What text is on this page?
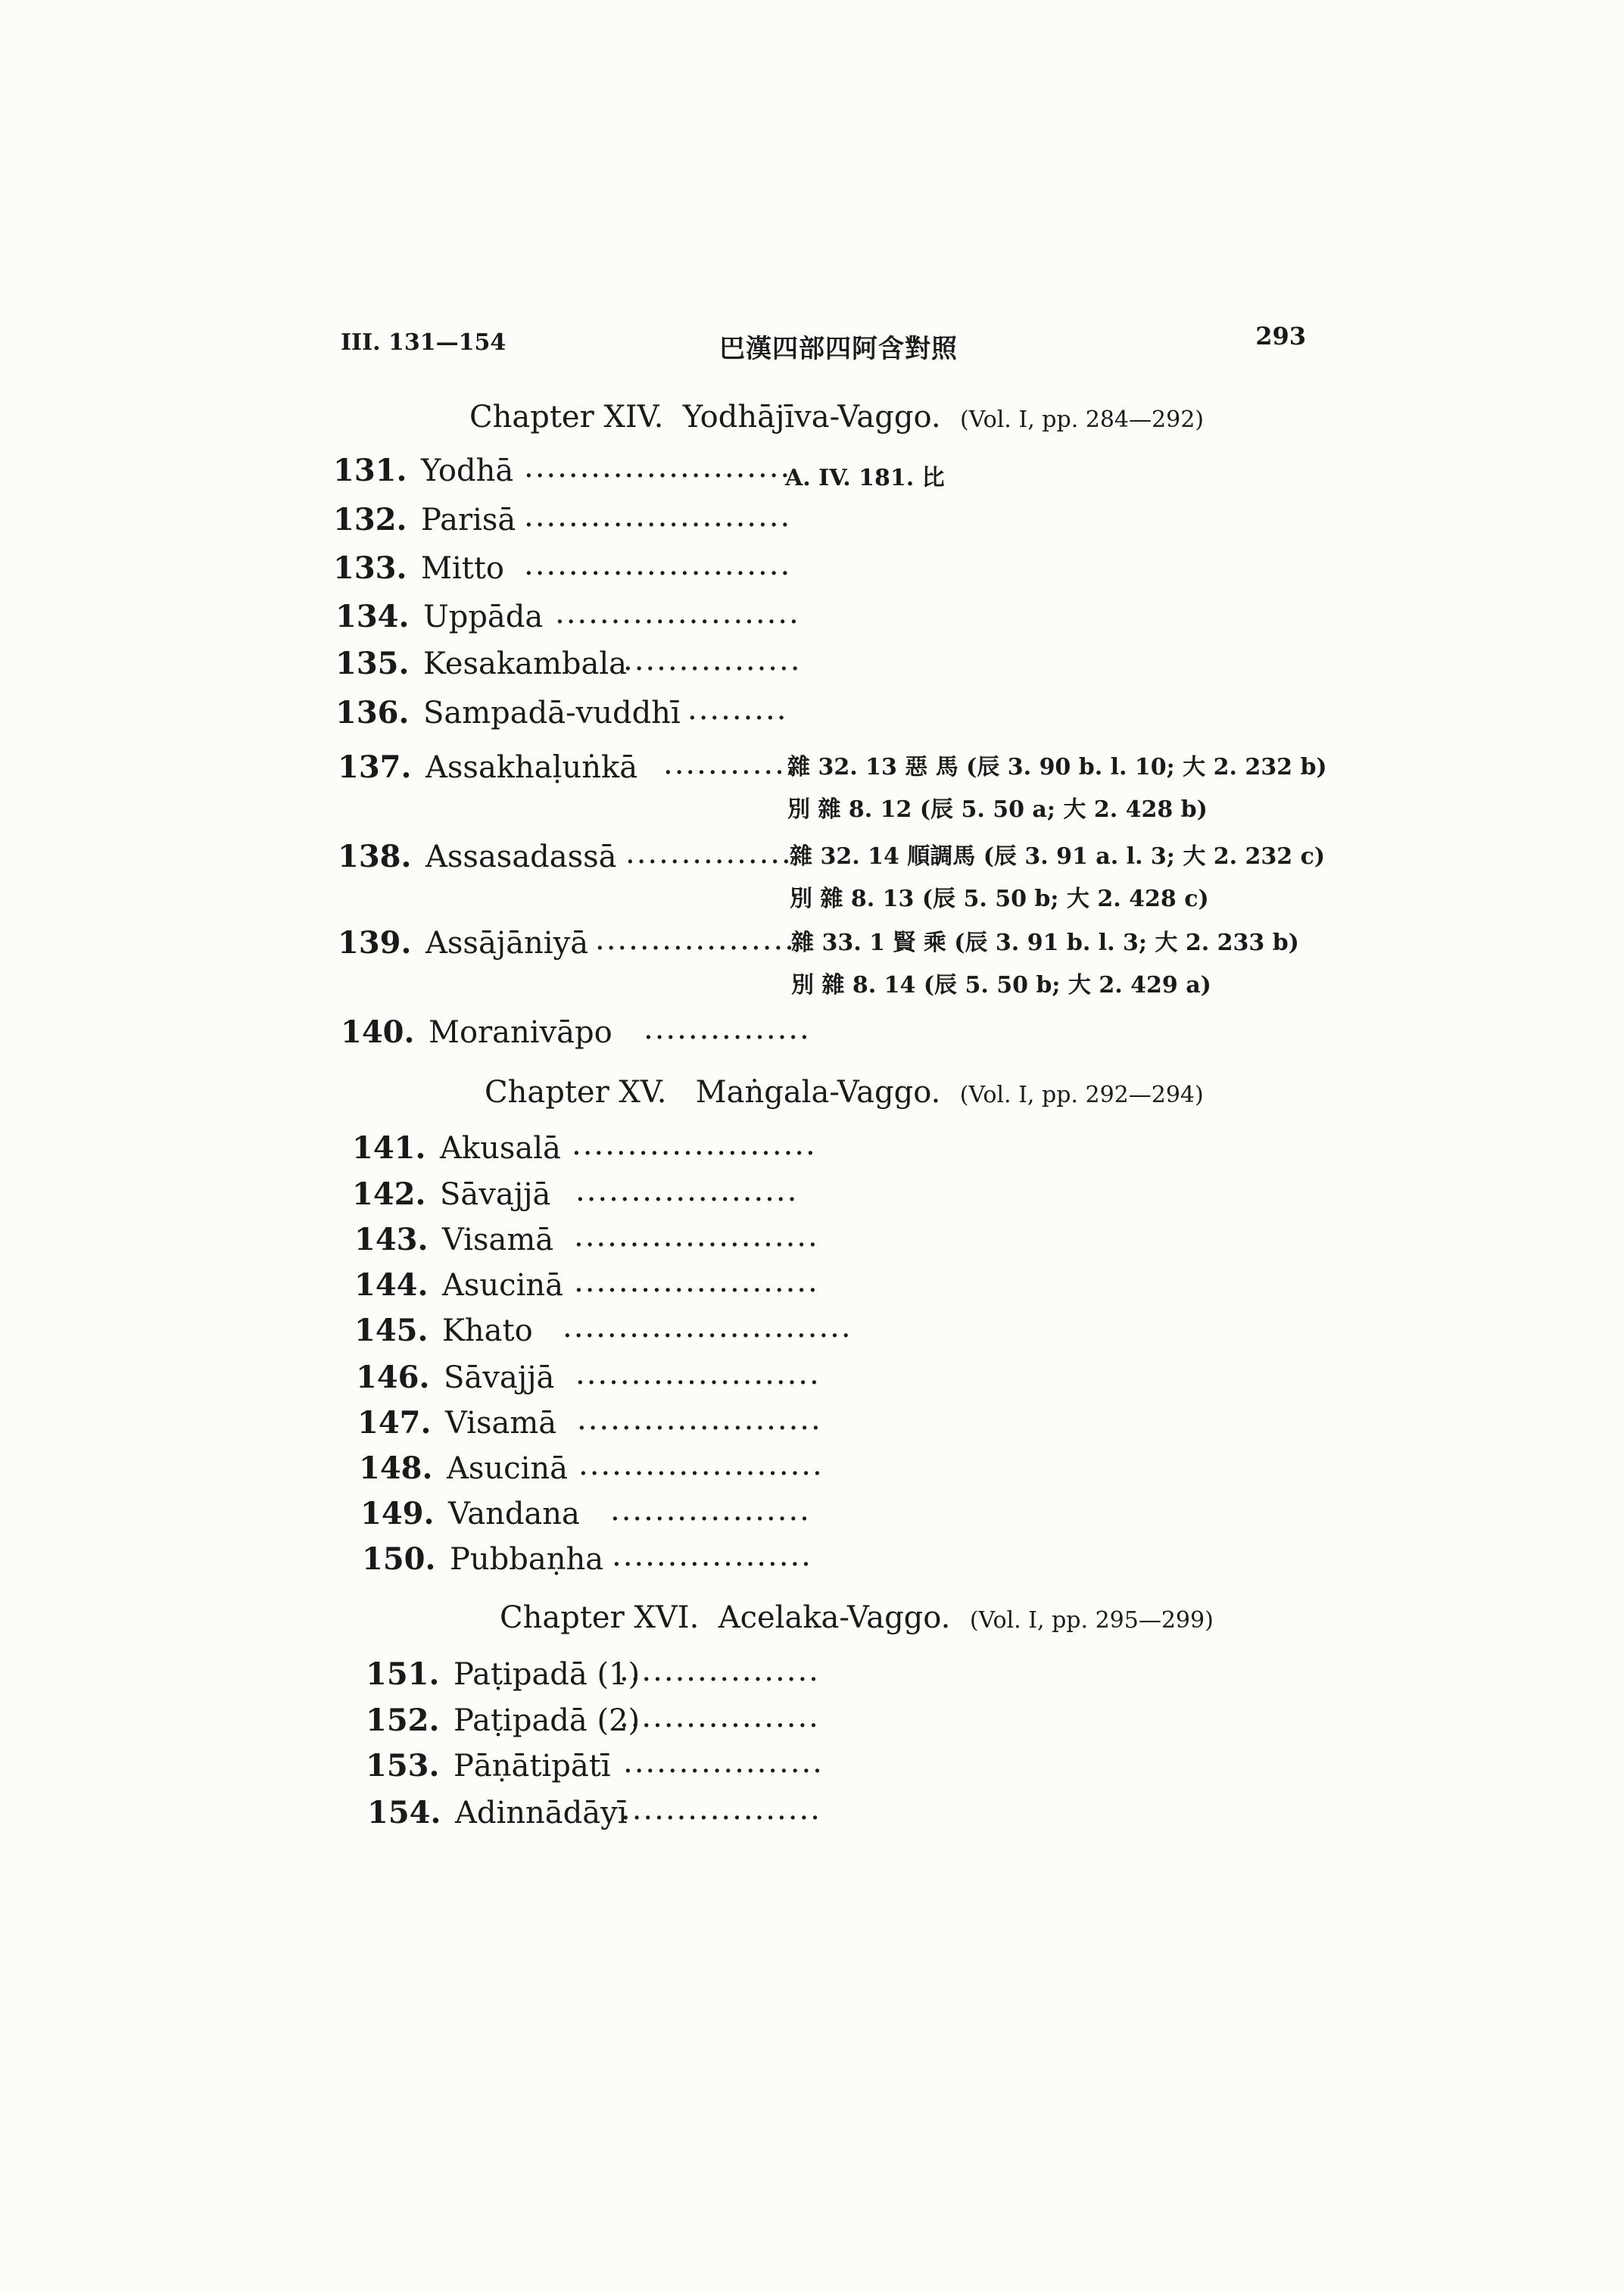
III. 131—154	巴漢四部四阿含對照	293
Chapter XIV. Yodhājīva-Vaggo. (Vol. I, pp. 284—292)
131. Yodhā ........................
A. IV. 181. 比
132. Parisā ........................
133. Mitto ........................
134. Uppāda ......................
135. Kesakambala
................
136. Sampadā-vuddhī .........
137. Assakhaḷuṅkā ............
雜 32. 13 惡 馬 (辰 3. 90 b. l. 10; 大 2. 232 b)
別 雜 8. 12 (辰 5. 50 a; 大 2. 428 b)
138. Assasadassā ...............
雜 32. 14 順調馬 (辰 3. 91 a. l. 3; 大 2. 232 c)
別 雜 8. 13 (辰 5. 50 b; 大 2. 428 c)
139. Assājāniyā ..................
雜 33. 1 賢 乘 (辰 3. 91 b. l. 3; 大 2. 233 b)
別 雜 8. 14 (辰 5. 50 b; 大 2. 429 a)
140. Moranivāpo ...............
Chapter XV. Maṅgala-Vaggo. (Vol. I, pp. 292—294)
141. Akusalā ......................
142. Sāvajjā ....................
143. Visamā ......................
144. Asucinā ......................
145. Khato ..........................
146. Sāvajjā ......................
147. Visamā ......................
148. Asucinā ......................
149. Vandana ..................
150. Pubbaṇha ..................
Chapter XVI. Acelaka-Vaggo. (Vol. I, pp. 295—299)
151. Paṭipadā (1)
..................
152. Paṭipadā (2)
..................
153. Pāṇātipātī ..................
154. Adinnādāyī
..................
